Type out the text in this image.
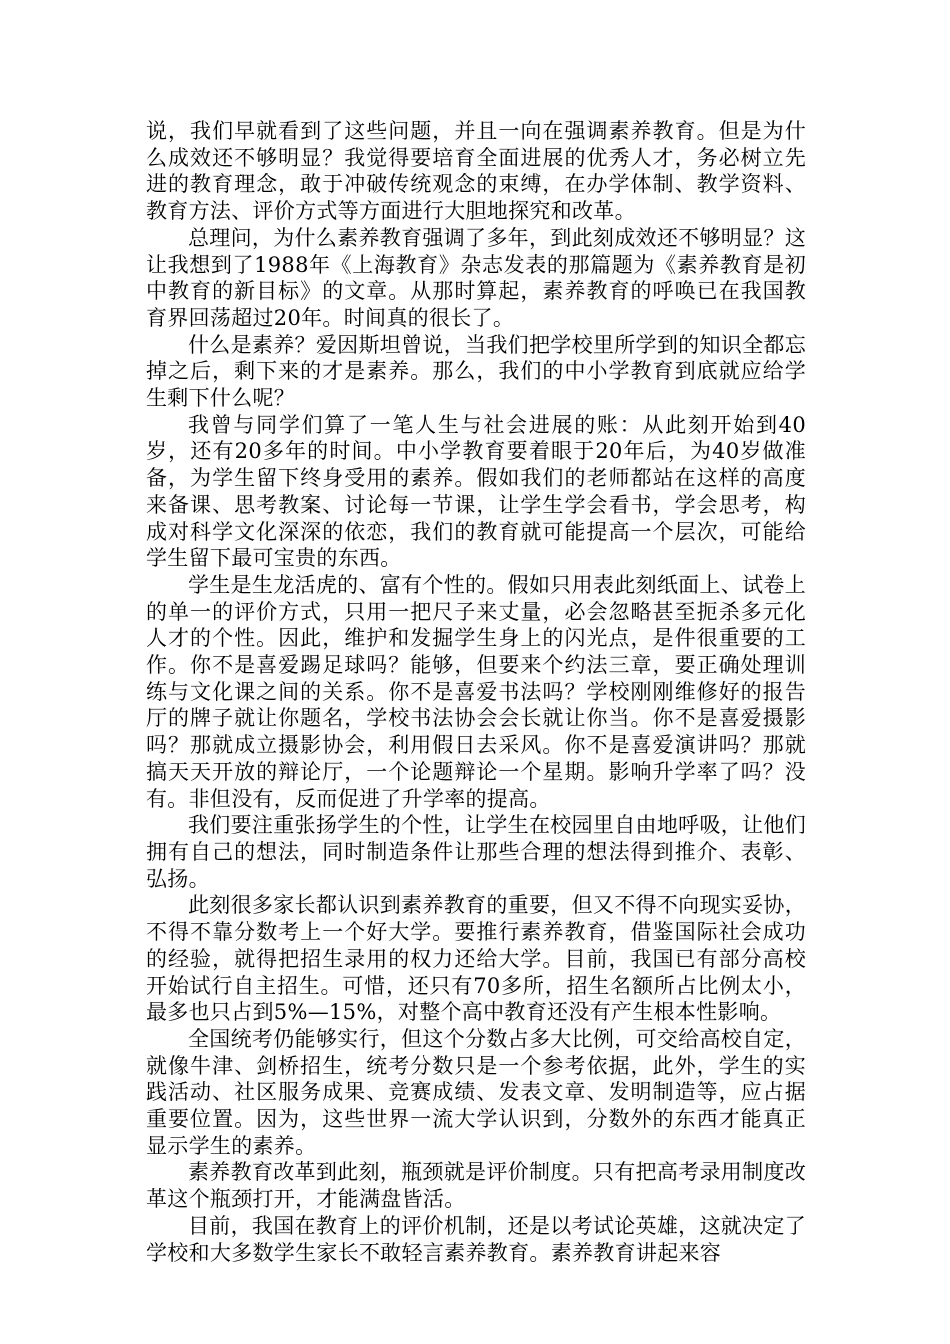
说，我们早就看到了这些问题，并且一向在强调素养教育。但是为什么成效还不够明显？我觉得要培育全面进展的优秀人才，务必树立先进的教育理念，敢于冲破传统观念的束缚，在办学体制、教学资料、教育方法、评价方式等方面进行大胆地探究和改革。

总理问，为什么素养教育强调了多年，到此刻成效还不够明显？这让我想到了1988年《上海教育》杂志发表的那篇题为《素养教育是初中教育的新目标》的文章。从那时算起，素养教育的呼唤已在我国教育界回荡超过20年。时间真的很长了。

什么是素养？爱因斯坦曾说，当我们把学校里所学到的知识全都忘掉之后，剩下来的才是素养。那么，我们的中小学教育到底就应给学生剩下什么呢？

我曾与同学们算了一笔人生与社会进展的账：从此刻开始到40岁，还有20多年的时间。中小学教育要着眼于20年后，为40岁做准备，为学生留下终身受用的素养。假如我们的老师都站在这样的高度来备课、思考教案、讨论每一节课，让学生学会看书，学会思考，构成对科学文化深深的依恋，我们的教育就可能提高一个层次，可能给学生留下最可宝贵的东西。

学生是生龙活虎的、富有个性的。假如只用表此刻纸面上、试卷上的单一的评价方式，只用一把尺子来丈量，必会忽略甚至扼杀多元化人才的个性。因此，维护和发掘学生身上的闪光点，是件很重要的工作。你不是喜爱踢足球吗？能够，但要来个约法三章，要正确处理训练与文化课之间的关系。你不是喜爱书法吗？学校刚刚维修好的报告厅的牌子就让你题名，学校书法协会会长就让你当。你不是喜爱摄影吗？那就成立摄影协会，利用假日去采风。你不是喜爱演讲吗？那就搞天天开放的辩论厅，一个论题辩论一个星期。影响升学率了吗？没有。非但没有，反而促进了升学率的提高。

我们要注重张扬学生的个性，让学生在校园里自由地呼吸，让他们拥有自己的想法，同时制造条件让那些合理的想法得到推介、表彰、弘扬。

此刻很多家长都认识到素养教育的重要，但又不得不向现实妥协，不得不靠分数考上一个好大学。要推行素养教育，借鉴国际社会成功的经验，就得把招生录用的权力还给大学。目前，我国已有部分高校开始试行自主招生。可惜，还只有70多所，招生名额所占比例太小，最多也只占到5%—15%，对整个高中教育还没有产生根本性影响。

全国统考仍能够实行，但这个分数占多大比例，可交给高校自定，就像牛津、剑桥招生，统考分数只是一个参考依据，此外，学生的实践活动、社区服务成果、竞赛成绩、发表文章、发明制造等，应占据重要位置。因为，这些世界一流大学认识到，分数外的东西才能真正显示学生的素养。

素养教育改革到此刻，瓶颈就是评价制度。只有把高考录用制度改革这个瓶颈打开，才能满盘皆活。

目前，我国在教育上的评价机制，还是以考试论英雄，这就决定了学校和大多数学生家长不敢轻言素养教育。素养教育讲起来容
